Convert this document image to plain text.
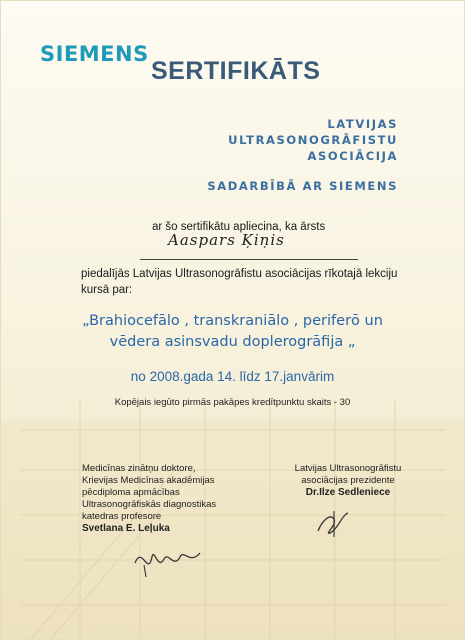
SIEMENS
SERTIFIKĀTS
LATVIJAS
ULTRASONOGRĀFISTU
ASOCIĀCIJA
SADARBĪBĀ AR SIEMENS
ar šo sertifikātu apliecina, ka ārsts
Aaspars Ķiņis
piedalījās Latvijas Ultrasonogrāfistu asociācijas rīkotajā lekciju
kursā par:
„Brahiocefālo , transkraniālo , periferō un
vēdera asinsvadu doplerogrāfija „
no 2008.gada 14. līdz 17.janvārim
Kopējais iegūto pirmās pakāpes kredītpunktu skaits - 30
Medicīnas zinātņu doktore,
Krievijas Medicīnas akadēmijas
pēcdiploma apmācības
Ultrasonogrāfiskās diagnostikas
katedras profesore
Svetlana E. Leļuka
Latvijas Ultrasonogrāfistu
asociācijas prezidente
Dr.Ilze Sedleniece
